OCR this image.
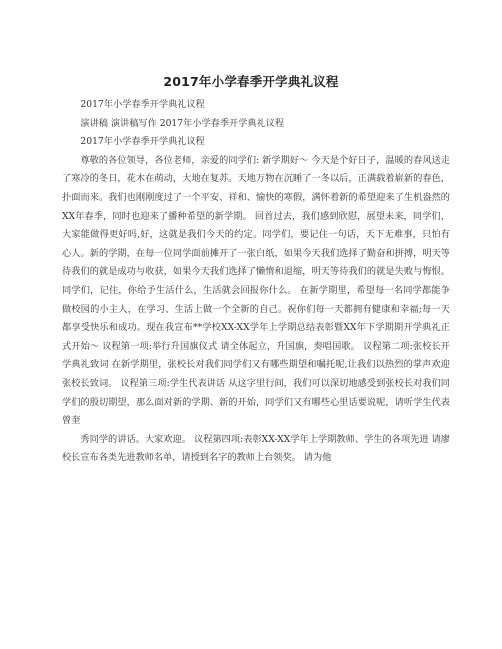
2017年小学春季开学典礼议程

2017年小学春季开学典礼议程

演讲稿 演讲稿写作 2017年小学春季开学典礼议程

2017年小学春季开学典礼议程

尊敬的各位领导，各位老师，亲爱的同学们: 新学期好～ 今天是个好日子，温暖的春风送走了寒冷的冬日，花木在萌动，大地在复苏。天地万物在沉睡了一冬以后，正满载着崭新的春色，扑面而来。我们也刚刚度过了一个平安、祥和、愉快的寒假，满怀着新的希望迎来了生机盎然的XX年春季，同时也迎来了播种希望的新学期。 回首过去，我们感到欣慰，展望未来，同学们，大家能做得更好吗,好，这就是我们今天的约定。同学们，要记住一句话，天下无难事，只怕有心人。新的学期，在每一位同学面前摊开了一张白纸，如果今天我们选择了勤奋和拼搏，明天等待我们的就是成功与收获，如果今天我们选择了懒惰和退缩，明天等待我们的就是失败与悔恨。同学们，记住，你给予生活什么，生活就会回报你什么。 在新学期里，希望每一名同学都能争做校园的小主人，在学习、生活上做一个全新的自己。祝你们每一天都拥有健康和幸福;每一天都享受快乐和成功。现在我宣布**学校XX-XX学年上学期总结表彰暨XX年下学期期开学典礼正式开始～ 议程第一项:举行升国旗仪式 请全体起立，升国旗，奏唱国歌。 议程第二项:张校长开学典礼致词 在新学期里，张校长对我们同学们又有哪些期望和嘱托呢,让我们以热烈的掌声欢迎张校长致词。 议程第三项:学生代表讲话 从这字里行间，我们可以深切地感受到张校长对我们同学们的殷切期望，那么面对新的学期、新的开始，同学们又有哪些心里话要说呢，请听学生代表曾奎

秀同学的讲话。大家欢迎。 议程第四项:表彰XX-XX学年上学期教师、学生的各项先进 请廖校长宣布各类先进教师名单，请授到名字的教师上台领奖。 请为他
